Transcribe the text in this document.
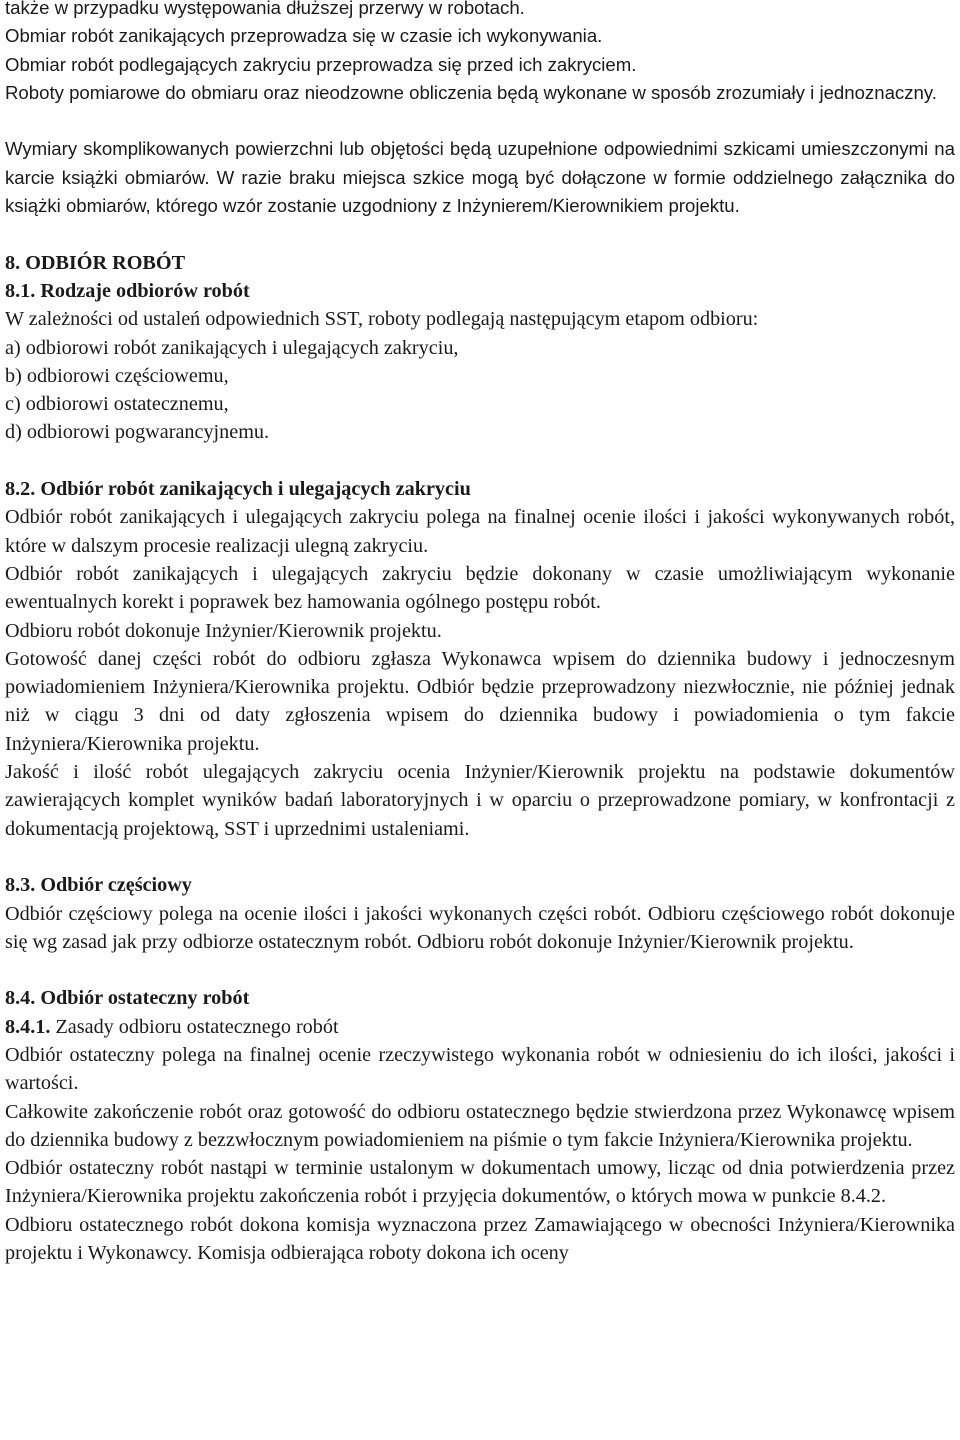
także w przypadku występowania dłuższej przerwy w robotach.
Obmiar robót zanikających przeprowadza się w czasie ich wykonywania.
Obmiar robót podlegających zakryciu przeprowadza się przed ich zakryciem.

Roboty pomiarowe do obmiaru oraz nieodzowne obliczenia będą wykonane w sposób zrozumiały i jednoznaczny.

Wymiary skomplikowanych powierzchni lub objętości będą uzupełnione odpowiednimi szkicami umieszczonymi na karcie książki obmiarów. W razie braku miejsca szkice mogą być dołączone w formie oddzielnego załącznika do książki obmiarów, którego wzór zostanie uzgodniony z Inżynierem/Kierownikiem projektu.

8. ODBIÓR ROBÓT

8.1. Rodzaje odbiorów robót

W zależności od ustaleń odpowiednich SST, roboty podlegają następującym etapom odbioru:

a) odbiorowi robót zanikających i ulegających zakryciu,
b) odbiorowi częściowemu,
c) odbiorowi ostatecznemu,
d) odbiorowi pogwarancyjnemu.

8.2. Odbiór robót zanikających i ulegających zakryciu

Odbiór robót zanikających i ulegających zakryciu polega na finalnej ocenie ilości i jakości wykonywanych robót, które w dalszym procesie realizacji ulegną zakryciu.

Odbiór robót zanikających i ulegających zakryciu będzie dokonany w czasie umożliwiającym wykonanie ewentualnych korekt i poprawek bez hamowania ogólnego postępu robót.

Odbioru robót dokonuje Inżynier/Kierownik projektu.

Gotowość danej części robót do odbioru zgłasza Wykonawca wpisem do dziennika budowy i jednoczesnym powiadomieniem Inżyniera/Kierownika projektu. Odbiór będzie przeprowadzony niezwłocznie, nie później jednak niż w ciągu 3 dni od daty zgłoszenia wpisem do dziennika budowy i powiadomienia o tym fakcie Inżyniera/Kierownika projektu.

Jakość i ilość robót ulegających zakryciu ocenia Inżynier/Kierownik projektu na podstawie dokumentów zawierających komplet wyników badań laboratoryjnych i w oparciu o przeprowadzone pomiary, w konfrontacji z dokumentacją projektową, SST i uprzednimi ustaleniami.

8.3. Odbiór częściowy

Odbiór częściowy polega na ocenie ilości i jakości wykonanych części robót. Odbioru częściowego robót dokonuje się wg zasad jak przy odbiorze ostatecznym robót. Odbioru robót dokonuje Inżynier/Kierownik projektu.

8.4. Odbiór ostateczny robót

8.4.1. Zasady odbioru ostatecznego robót

Odbiór ostateczny polega na finalnej ocenie rzeczywistego wykonania robót w odniesieniu do ich ilości, jakości i wartości.

Całkowite zakończenie robót oraz gotowość do odbioru ostatecznego będzie stwierdzona przez Wykonawcę wpisem do dziennika budowy z bezzwłocznym powiadomieniem na piśmie o tym fakcie Inżyniera/Kierownika projektu.

Odbiór ostateczny robót nastąpi w terminie ustalonym w dokumentach umowy, licząc od dnia potwierdzenia przez Inżyniera/Kierownika projektu zakończenia robót i przyjęcia dokumentów, o których mowa w punkcie 8.4.2.

Odbioru ostatecznego robót dokona komisja wyznaczona przez Zamawiającego w obecności Inżyniera/Kierownika projektu i Wykonawcy. Komisja odbierająca roboty dokona ich oceny
